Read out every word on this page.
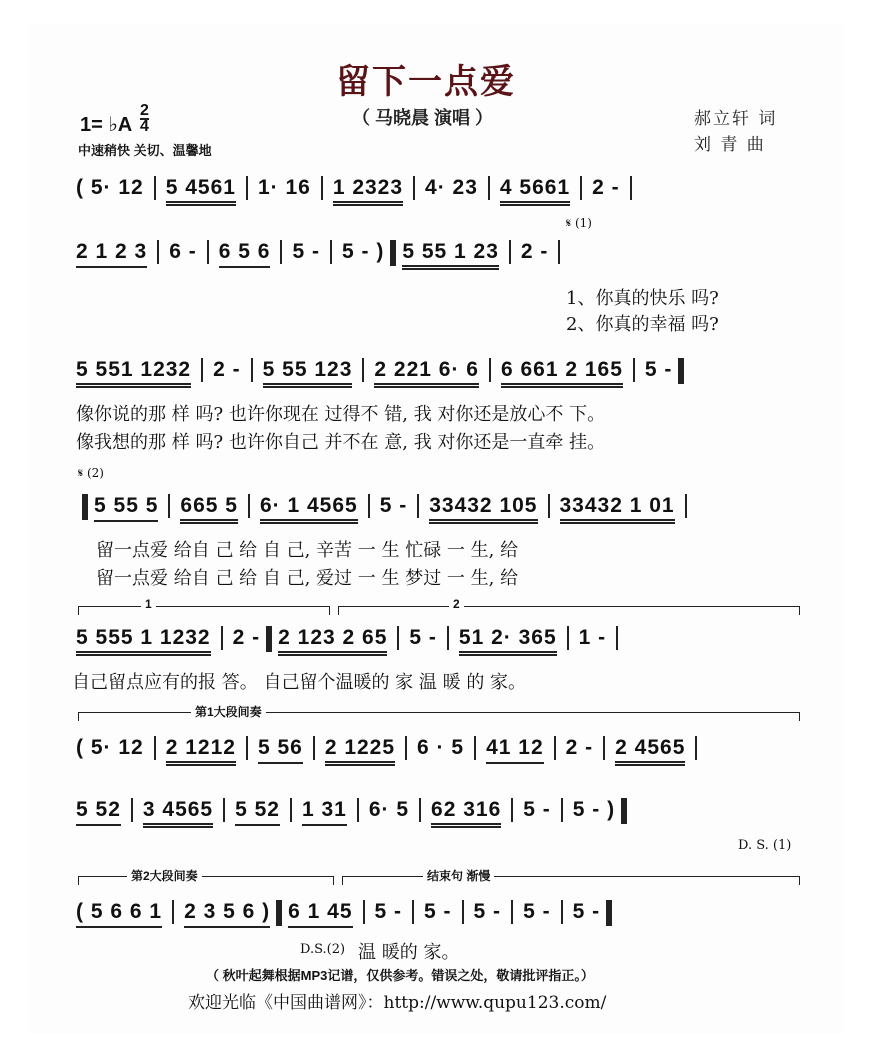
留下一点爱
（ 马晓晨 演唱 ）	郝立轩 词
刘 青 曲
1= ♭A
2
4
中速稍快 关切、温馨地
( 5· 12 5 4561 1· 16 1 2323 4· 23 4 5661 2 -
𝄋 (1)
2 1 2 3 6 - 6 5 6 5 - 5 - ) 5 55 1 23 2 -
1、你真的快乐 吗?
2、你真的幸福 吗?
5 551 1232 2 - 5 55 123 2 221 6· 6 6 661 2 165 5 -
像你说的那 样 吗? 也许你现在 过得不 错, 我 对你还是放心不 下。
像我想的那 样 吗? 也许你自己 并不在 意, 我 对你还是一直牵 挂。
𝄋 (2)
5 55 5 665 5 6· 1 4565 5 - 33432 105 33432 1 01
留一点爱 给自 己 给 自 己, 辛苦 一 生 忙碌 一 生, 给
留一点爱 给自 己 给 自 己, 爱过 一 生 梦过 一 生, 给
1	2
5 555 1 1232 2 - 2 123 2 65 5 - 51 2· 365 1 -
自己留点应有的报 答。 自己留个温暖的 家 温 暖 的 家。
第1大段间奏
( 5· 12 2 1212 5 56 2 1225 6 · 5 41 12 2 - 2 4565
5 52 3 4565 5 52 1 31 6· 5 62 316 5 - 5 - )
D. S. (1)
第2大段间奏	结束句 渐慢
( 5 6 6 1 2 3 5 6 ) 6 1 45 5 - 5 - 5 - 5 - 5 -
D.S.(2) 温 暖的 家。
（ 秋叶起舞根据MP3记谱，仅供参考。错误之处，敬请批评指正。）
欢迎光临《中国曲谱网》：http://www.qupu123.com/
